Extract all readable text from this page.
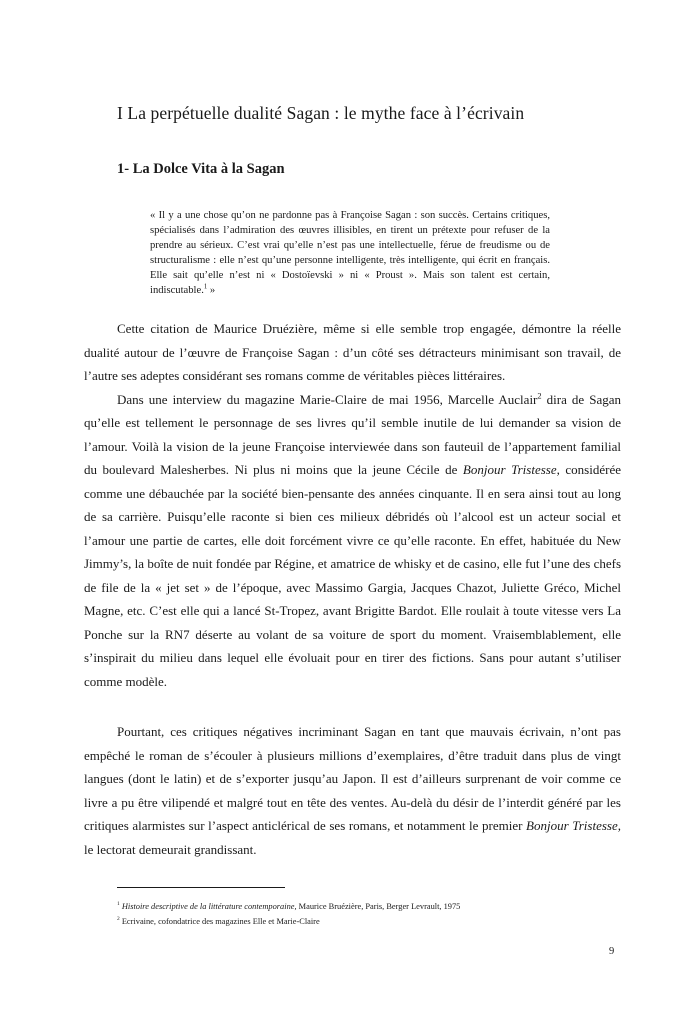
I La perpétuelle dualité Sagan : le mythe face à l’écrivain
1- La Dolce Vita à la Sagan

« Il y a une chose qu’on ne pardonne pas à Françoise Sagan : son succès. Certains critiques, spécialisés dans l’admiration des œuvres illisibles, en tirent un prétexte pour refuser de la prendre au sérieux. C’est vrai qu’elle n’est pas une intellectuelle, férue de freudisme ou de structuralisme : elle n’est qu’une personne intelligente, très intelligente, qui écrit en français. Elle sait qu’elle n’est ni « Dostoïevski » ni « Proust ». Mais son talent est certain, indiscutable.$^1$ »

Cette citation de Maurice Druézière, même si elle semble trop engagée, démontre la réelle dualité autour de l’œuvre de Françoise Sagan : d’un côté ses détracteurs minimisant son travail, de l’autre ses adeptes considérant ses romans comme de véritables pièces littéraires.

Dans une interview du magazine Marie-Claire de mai 1956, Marcelle Auclair$^2$ dira de Sagan qu’elle est tellement le personnage de ses livres qu’il semble inutile de lui demander sa vision de l’amour. Voilà la vision de la jeune Françoise interviewée dans son fauteuil de l’appartement familial du boulevard Malesherbes. Ni plus ni moins que la jeune Cécile de Bonjour Tristesse, considérée comme une débauchée par la société bien-pensante des années cinquante. Il en sera ainsi tout au long de sa carrière. Puisqu’elle raconte si bien ces milieux débridés où l’alcool est un acteur social et l’amour une partie de cartes, elle doit forcément vivre ce qu’elle raconte. En effet, habituée du New Jimmy’s, la boîte de nuit fondée par Régine, et amatrice de whisky et de casino, elle fut l’une des chefs de file de la « jet set » de l’époque, avec Massimo Gargia, Jacques Chazot, Juliette Gréco, Michel Magne, etc. C’est elle qui a lancé St-Tropez, avant Brigitte Bardot. Elle roulait à toute vitesse vers La Ponche sur la RN7 déserte au volant de sa voiture de sport du moment. Vraisemblablement, elle s’inspirait du milieu dans lequel elle évoluait pour en tirer des fictions. Sans pour autant s’utiliser comme modèle.

Pourtant, ces critiques négatives incriminant Sagan en tant que mauvais écrivain, n’ont pas empêché le roman de s’écouler à plusieurs millions d’exemplaires, d’être traduit dans plus de vingt langues (dont le latin) et de s’exporter jusqu’au Japon. Il est d’ailleurs surprenant de voir comme ce livre a pu être vilipendé et malgré tout en tête des ventes. Au-delà du désir de l’interdit généré par les critiques alarmistes sur l’aspect anticlérical de ses romans, et notamment le premier Bonjour Tristesse, le lectorat demeurait grandissant.

$^1$ Histoire descriptive de la littérature contemporaine, Maurice Bruézière, Paris, Berger Levrault, 1975
$^2$ Ecrivaine, cofondatrice des magazines Elle et Marie-Claire
9
